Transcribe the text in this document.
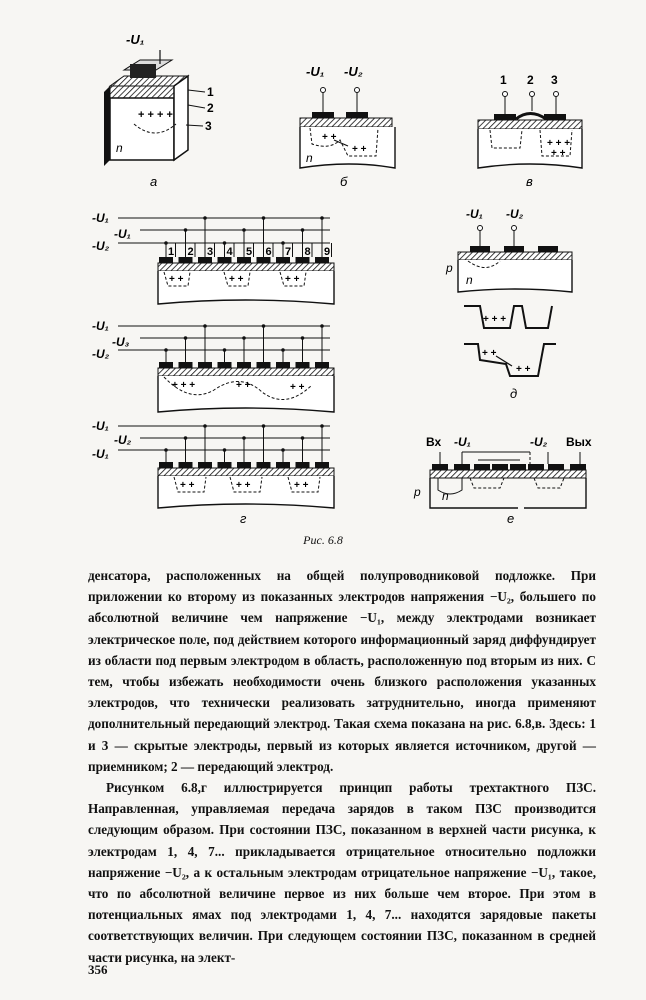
+ + + +
-U₁
1
2
3
n
а
+ +
+ +
-U₁ -U₂
n
б
+ + +
+ +
1 2 3
в
-U₁
-U₁
-U₂	1 2 3 4 5 6 7 8 9
+ +	+ +	+ +
-U₁
-U₃
-U₂
+ + +	+ +	+ +
-U₁
-U₂
-U₁
+ +	+ +	+ +
г
-U₁ -U₂
p
n
+ + +
+ +
+ +
д
Вх -U₁	-U₂ Вых
p n
е
Рис. 6.8

денсатора, расположенных на общей полупроводниковой подложке. При приложении ко второму из показанных электродов напряжения −U₂, большего по абсолютной величине чем напряжение −U₁, между электродами возникает электрическое поле, под действием которого информационный заряд диффундирует из области под первым электродом в область, расположенную под вторым из них. С тем, чтобы избежать необходимости очень близкого расположения указанных электродов, что технически реализовать затруднительно, иногда применяют дополнительный передающий электрод. Такая схема показана на рис. 6.8,в. Здесь: 1 и 3 — скрытые электроды, первый из которых является источником, другой — приемником; 2 — передающий электрод.

Рисунком 6.8,г иллюстрируется принцип работы трехтактного ПЗС. Направленная, управляемая передача зарядов в таком ПЗС производится следующим образом. При состоянии ПЗС, показанном в верхней части рисунка, к электродам 1, 4, 7... прикладывается отрицательное относительно подложки напряжение −U₂, а к остальным электродам отрицательное напряжение −U₁, такое, что по абсолютной величине первое из них больше чем второе. При этом в потенциальных ямах под электродами 1, 4, 7... находятся зарядовые пакеты соответствующих величин. При следующем состоянии ПЗС, показанном в средней части рисунка, на элект-

356
